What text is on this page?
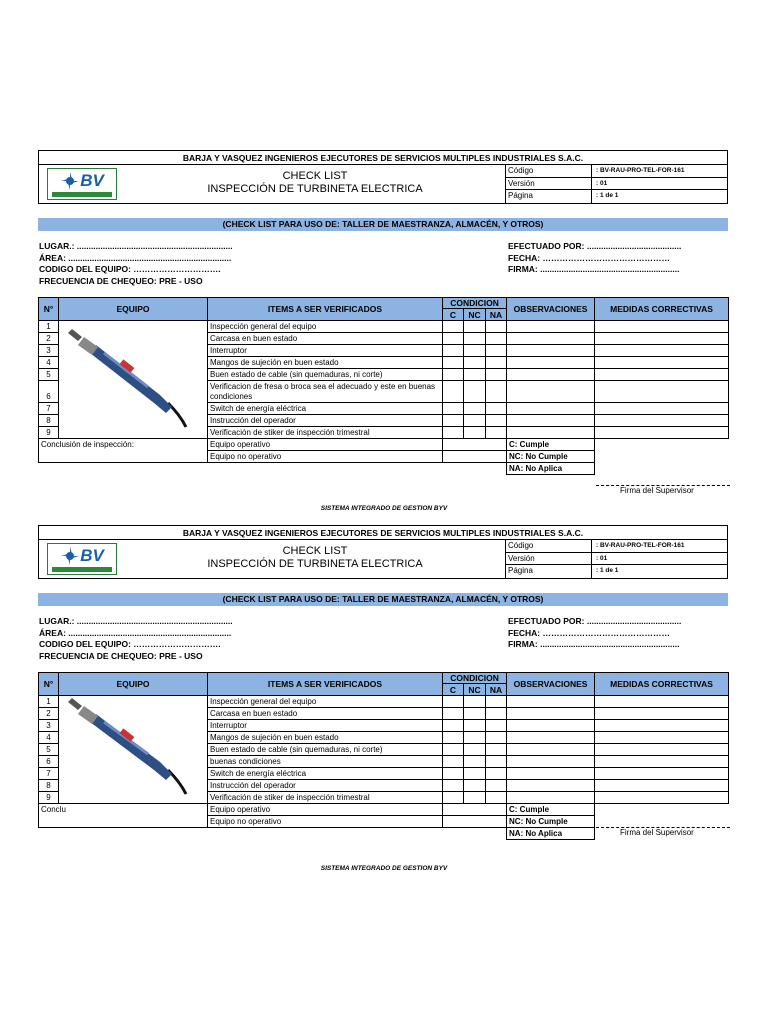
BARJA Y VASQUEZ INGENIEROS EJECUTORES DE SERVICIOS MULTIPLES INDUSTRIALES S.A.C.
BV	CHECK LIST
INSPECCIÓN DE TURBINETA ELECTRICA
Código	: BV-RAU-PRO-TEL-FOR-161
Versión	: 01
Página	: 1 de 1
(CHECK LIST PARA USO DE: TALLER DE MAESTRANZA, ALMACÉN, Y OTROS)
LUGAR.: ..................................................................
ÁREA: .....................................................................
CODIGO DEL EQUIPO: ………………………….
FRECUENCIA DE CHEQUEO: PRE - USO
EFECTUADO POR: ........................................
FECHA: ………………………………………
FIRMA: ...........................................................
N°	EQUIPO	ITEMS A SER VERIFICADOS	CONDICION			OBSERVACIONES	MEDIDAS CORRECTIVAS
			C	NC	NA		
1		Inspección general del equipo					
2		Carcasa en buen estado					
3		Interruptor					
4		Mangos de sujeción en buen estado					
5		Buen estado de cable (sin quemaduras, ni corte)					
6		Verificacion de fresa o broca sea el adecuado y este en buenas condiciones					
7		Switch de energía eléctrica					
8		Instrucción del operador					
9		Verificación de stiker de inspección trimestral					
Conclusión de inspección:		Equipo operativo				C: Cumple	
		Equipo no operativo				NC: No Cumple	
						NA: No Aplica	
Firma del Supervisor
SISTEMA INTEGRADO DE GESTION BYV
BARJA Y VASQUEZ INGENIEROS EJECUTORES DE SERVICIOS MULTIPLES INDUSTRIALES S.A.C.
BV	CHECK LIST
INSPECCIÓN DE TURBINETA ELECTRICA
Código	: BV-RAU-PRO-TEL-FOR-161
Versión	: 01
Página	: 1 de 1
(CHECK LIST PARA USO DE: TALLER DE MAESTRANZA, ALMACÉN, Y OTROS)
LUGAR.: ..................................................................
ÁREA: .....................................................................
CODIGO DEL EQUIPO: ………………………….
FRECUENCIA DE CHEQUEO: PRE - USO
EFECTUADO POR: ........................................
FECHA: ………………………………………
FIRMA: ...........................................................
N°	EQUIPO	ITEMS A SER VERIFICADOS	CONDICION			OBSERVACIONES	MEDIDAS CORRECTIVAS
			C	NC	NA		
1		Inspección general del equipo					
2		Carcasa en buen estado					
3		Interruptor					
4		Mangos de sujeción en buen estado					
5		Buen estado de cable (sin quemaduras, ni corte)					
6		buenas condiciones					
7		Switch de energía eléctrica					
8		Instrucción del operador					
9		Verificación de stiker de inspección trimestral					
Conclu		Equipo operativo				C: Cumple	
		Equipo no operativo				NC: No Cumple	
						NA: No Aplica		Firma del Supervisor
SISTEMA INTEGRADO DE GESTION BYV
